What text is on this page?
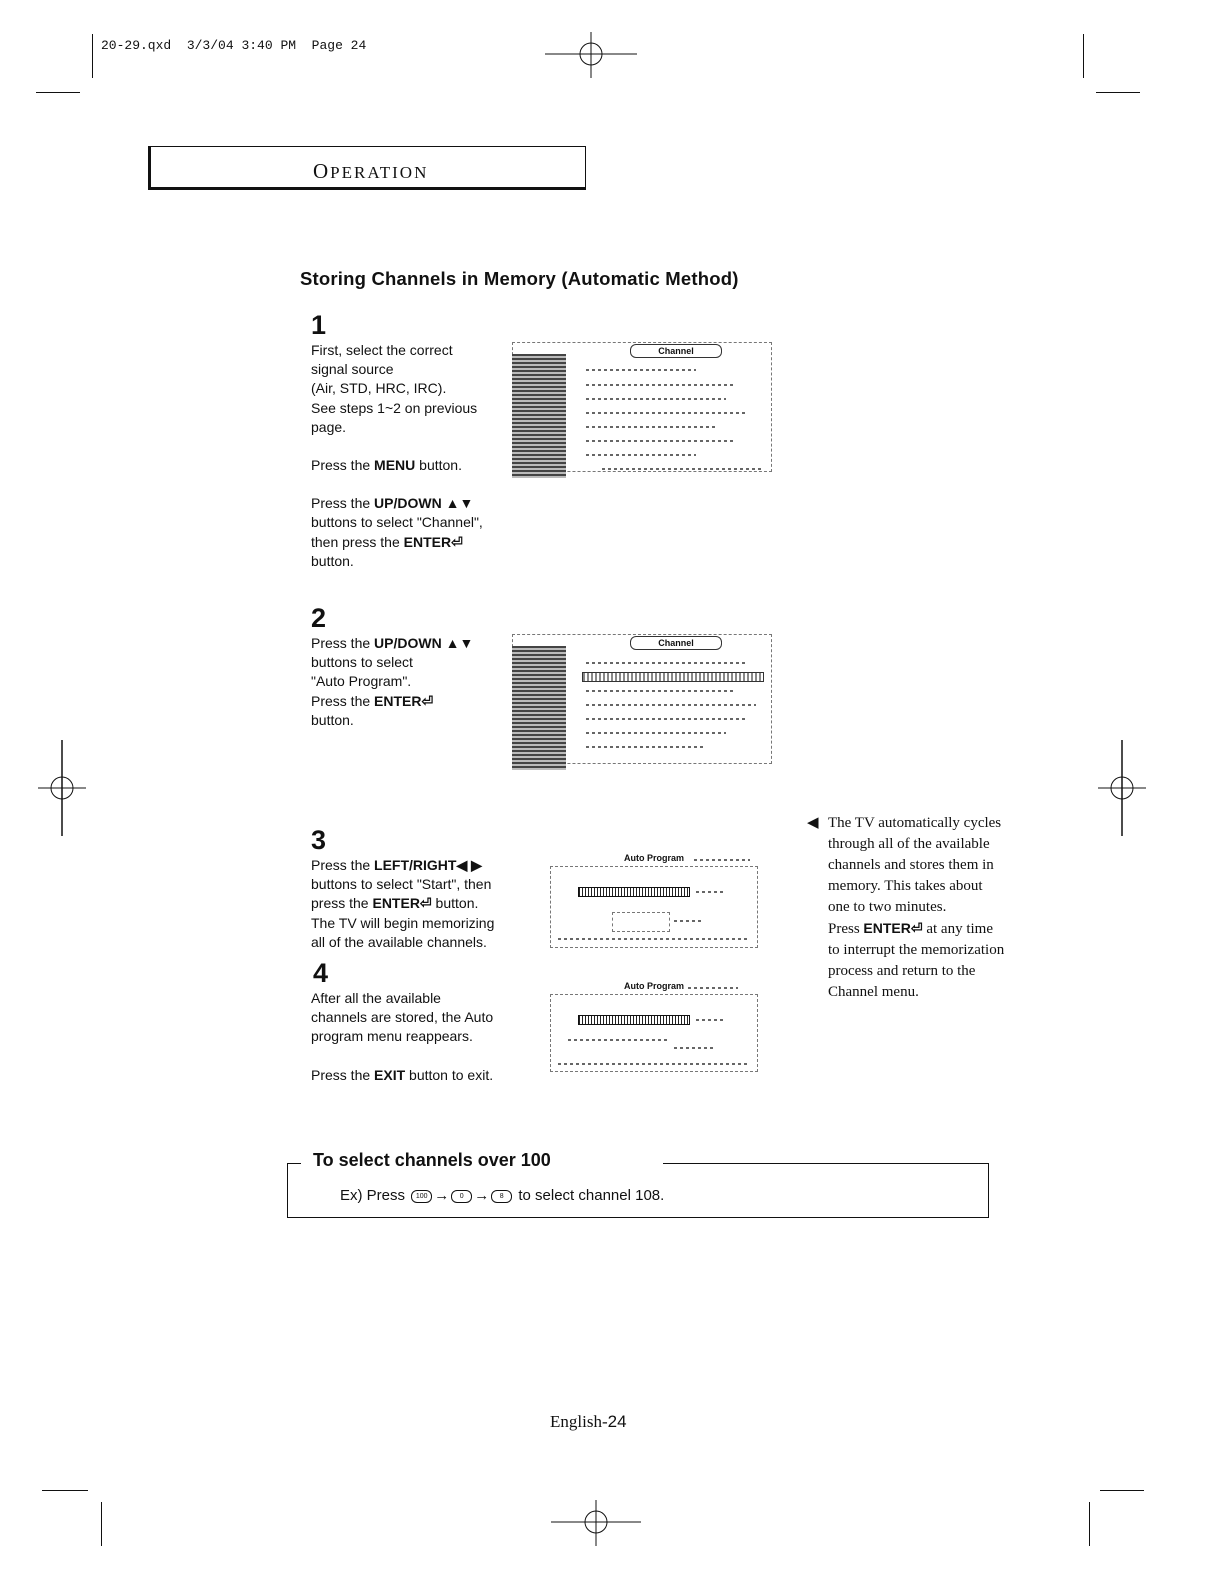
20-29.qxd 3/3/04 3:40 PM Page 24
OPERATION
Storing Channels in Memory (Automatic Method)
1

First, select the correct

signal source

(Air, STD, HRC, IRC).

See steps 1~2 on previous

page.

Press the MENU button.

Press the UP/DOWN ▲▼

buttons to select "Channel",

then press the ENTER⏎

button.

Channel
2

Press the UP/DOWN ▲▼

buttons to select

"Auto Program".

Press the ENTER⏎

button.

Channel
3

Press the LEFT/RIGHT◀ ▶

buttons to select "Start", then

press the ENTER⏎ button.

The TV will begin memorizing

all of the available channels.

Auto Program
4

After all the available

channels are stored, the Auto

program menu reappears.

Press the EXIT button to exit.

Auto Program
◀ The TV automatically cycles
through all of the available
channels and stores them in
memory. This takes about
one to two minutes.
Press ENTER⏎ at any time
to interrupt the memorization
process and return to the
Channel menu.
To select channels over 100
Ex) Press 100 → 0 → 8 to select channel 108.
English-24
